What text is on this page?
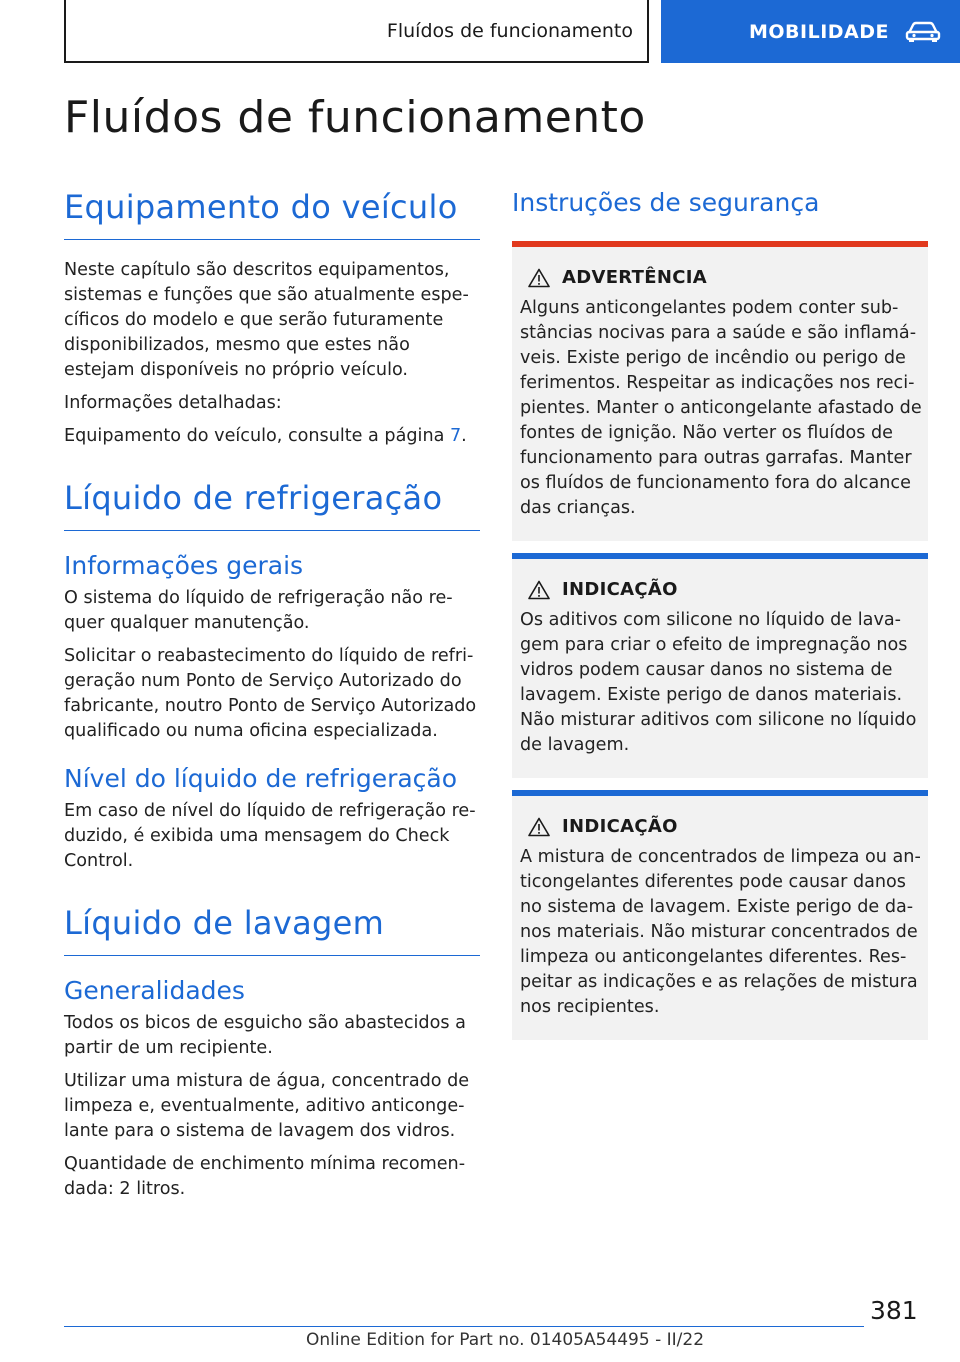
Fluídos de funcionamento	MOBILIDADE
Fluídos de funcionamento
Equipamento do veículo

Neste capítulo são descritos equipamentos, sistemas e funções que são atualmente específicos do modelo e que serão futuramente disponibilizados, mesmo que estes não estejam disponíveis no próprio veículo.

Informações detalhadas:

Equipamento do veículo, consulte a página 7.

Líquido de refrigeração
Informações gerais

O sistema do líquido de refrigeração não requer qualquer manutenção.

Solicitar o reabastecimento do líquido de refrigeração num Ponto de Serviço Autorizado do fabricante, noutro Ponto de Serviço Autorizado qualificado ou numa oficina especializada.

Nível do líquido de refrigeração

Em caso de nível do líquido de refrigeração reduzido, é exibida uma mensagem do Check Control.

Líquido de lavagem
Generalidades

Todos os bicos de esguicho são abastecidos a partir de um recipiente.

Utilizar uma mistura de água, concentrado de limpeza e, eventualmente, aditivo anticongelante para o sistema de lavagem dos vidros.

Quantidade de enchimento mínima recomendada: 2 litros.

Instruções de segurança
ADVERTÊNCIA

Alguns anticongelantes podem conter substâncias nocivas para a saúde e são inflamáveis. Existe perigo de incêndio ou perigo de ferimentos. Respeitar as indicações nos recipientes. Manter o anticongelante afastado de fontes de ignição. Não verter os fluídos de funcionamento para outras garrafas. Manter os fluídos de funcionamento fora do alcance das crianças.

INDICAÇÃO

Os aditivos com silicone no líquido de lavagem para criar o efeito de impregnação nos vidros podem causar danos no sistema de lavagem. Existe perigo de danos materiais. Não misturar aditivos com silicone no líquido de lavagem.

INDICAÇÃO

A mistura de concentrados de limpeza ou anticongelantes diferentes pode causar danos no sistema de lavagem. Existe perigo de danos materiais. Não misturar concentrados de limpeza ou anticongelantes diferentes. Respeitar as indicações e as relações de mistura nos recipientes.

381
Online Edition for Part no. 01405A54495 - II/22
